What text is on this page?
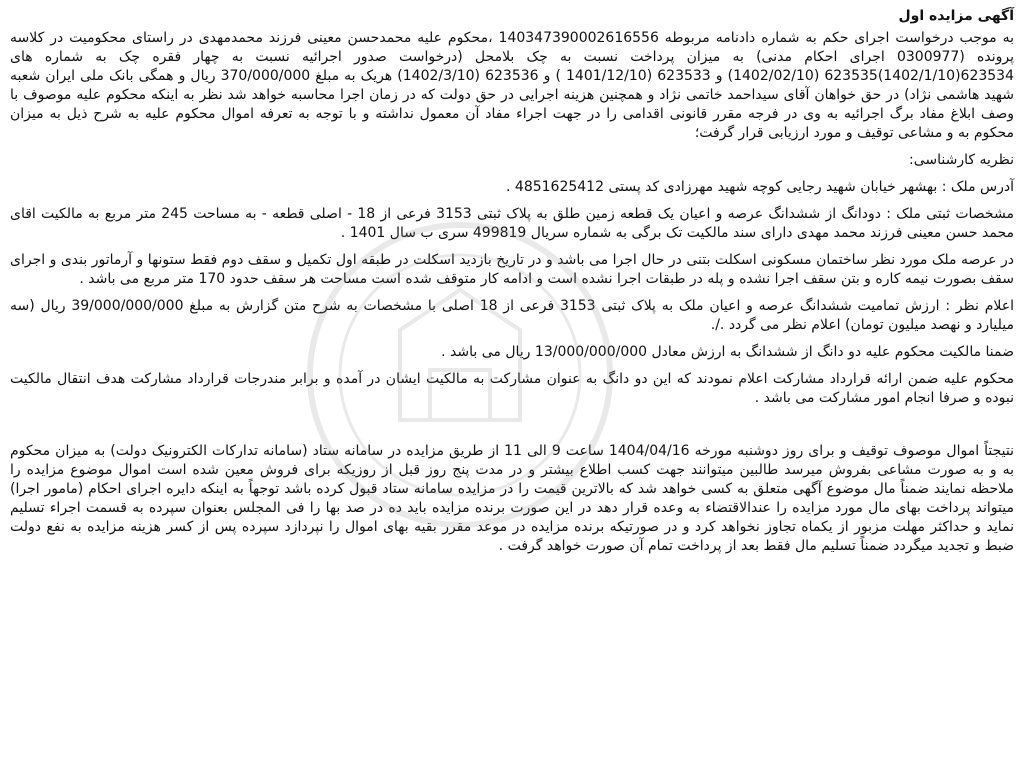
آگهی مزایده اول

به موجب درخواست اجرای حکم به شماره دادنامه مربوطه 140347390002616556 ،محکوم علیه محمدحسن معینی فرزند محمدمهدی در راستای محکومیت در کلاسه پرونده (0300977 اجرای احکام مدنی) به میزان پرداخت نسبت به چک بلامحل (درخواست صدور اجرائیه نسبت به چهار فقره چک به شماره های 623534(1402/1/10)623535 (1402/02/10) و 623533 (1401/12/10 ) و 623536 (1402/3/10) هریک به مبلغ 370/000/000 ریال و همگی بانک ملی ایران شعبه شهید هاشمی نژاد) در حق خواهان آقای سیداحمد خاتمی نژاد و همچنین هزینه اجرایی در حق دولت که در زمان اجرا محاسبه خواهد شد نظر به اینکه محکوم علیه موصوف با وصف ابلاغ مفاد برگ اجرائیه به وی در فرجه مقرر قانونی اقدامی را در جهت اجراء مفاد آن معمول نداشته و با توجه به تعرفه اموال محکوم علیه به شرح ذیل به میزان محکوم به و مشاعی توقیف و مورد ارزیابی قرار گرفت؛

نظریه کارشناسی:

آدرس ملک : بهشهر خیابان شهید رجایی کوچه شهید مهرزادی کد پستی 4851625412 .

مشخصات ثبتی ملک : دودانگ از ششدانگ عرصه و اعیان یک قطعه زمین طلق به پلاک ثبتی 3153 فرعی از 18 - اصلی قطعه - به مساحت 245 متر مربع به مالکیت اقای محمد حسن معینی فرزند محمد مهدی دارای سند مالکیت تک برگی به شماره سریال 499819 سری ب سال 1401 .

در عرصه ملک مورد نظر ساختمان مسکونی اسکلت بتنی در حال اجرا می باشد و در تاریخ بازدید اسکلت در طبقه اول تکمیل و سقف دوم فقط ستونها و آرماتور بندی و اجرای سقف بصورت نیمه کاره و بتن سقف اجرا نشده و پله در طبقات اجرا نشده است و ادامه کار متوقف شده است مساحت هر سقف حدود 170 متر مربع می باشد .

اعلام نظر : ارزش تمامیت ششدانگ عرصه و اعیان ملک به پلاک ثبتی 3153 فرعی از 18 اصلی با مشخصات به شرح متن گزارش به مبلغ 39/000/000/000 ریال (سه میلیارد و نهصد میلیون تومان) اعلام نظر می گردد ./.

ضمنا مالکیت محکوم علیه دو دانگ از ششدانگ به ارزش معادل 13/000/000/000 ریال می باشد .

محکوم علیه ضمن ارائه قرارداد مشارکت اعلام نمودند که این دو دانگ به عنوان مشارکت به مالکیت ایشان در آمده و برابر مندرجات قرارداد مشارکت هدف انتقال مالکیت نبوده و صرفا انجام امور مشارکت می باشد .

نتیجتاً اموال موصوف توقیف و برای روز دوشنبه مورخه 1404/04/16 ساعت 9 الی 11 از طریق مزایده در سامانه ستاد (سامانه تدارکات الکترونیک دولت) به میزان محکوم به و به صورت مشاعی بفروش میرسد طالبین میتوانند جهت کسب اطلاع بیشتر و در مدت پنج روز قبل از روزیکه برای فروش معین شده است اموال موضوع مزایده را ملاحظه نمایند ضمناً مال موضوع آگهی متعلق به کسی خواهد شد که بالاترین قیمت را در مزایده سامانه ستاد قبول کرده باشد توجهاً به اینکه دایره اجرای احکام (مامور اجرا) میتواند پرداخت بهای مال مورد مزایده را عندالاقتضاء به وعده قرار دهد در این صورت برنده مزایده باید ده در صد بها را فی المجلس بعنوان سپرده به قسمت اجراء تسلیم نماید و حداکثر مهلت مزبور از یکماه تجاوز نخواهد کرد و در صورتیکه برنده مزایده در موعد مقرر بقیه بهای اموال را نپردازد سپرده پس از کسر هزینه مزایده به نفع دولت ضبط و تجدید میگردد ضمناً تسلیم مال فقط بعد از پرداخت تمام آن صورت خواهد گرفت .
